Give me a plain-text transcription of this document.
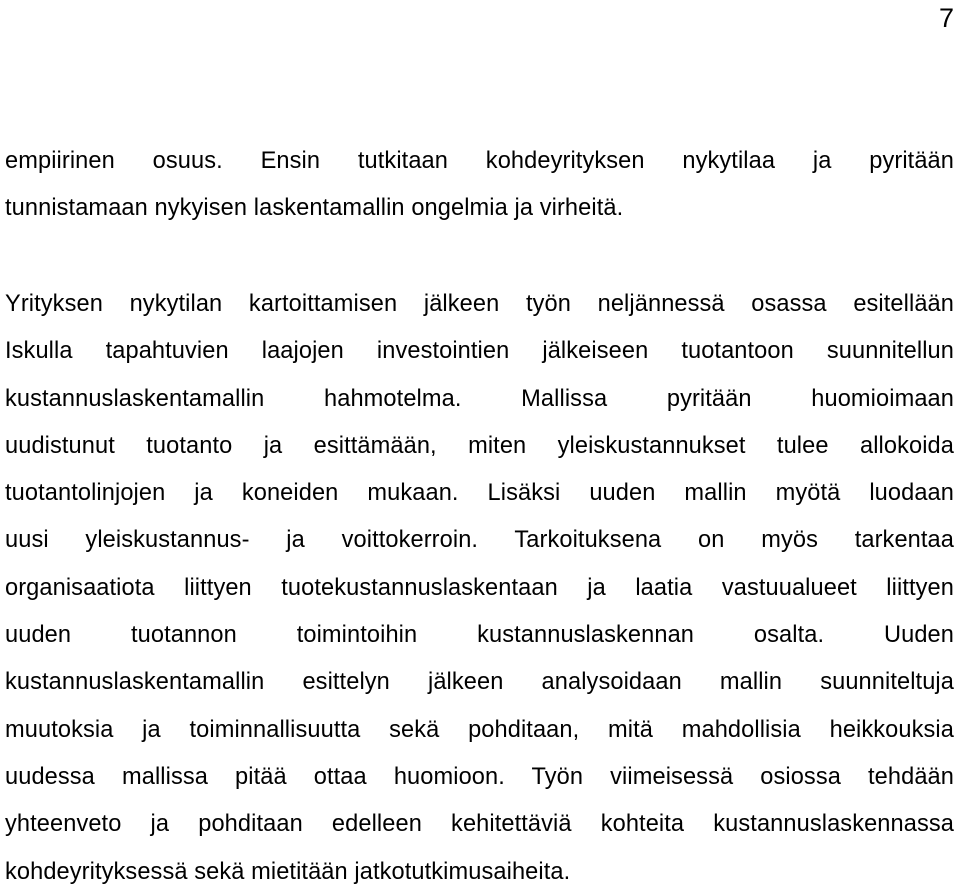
7

empiirinen osuus. Ensin tutkitaan kohdeyrityksen nykytilaa ja pyritään
tunnistamaan nykyisen laskentamallin ongelmia ja virheitä.

Yrityksen nykytilan kartoittamisen jälkeen työn neljännessä osassa esitellään
Iskulla tapahtuvien laajojen investointien jälkeiseen tuotantoon suunnitellun
kustannuslaskentamallin hahmotelma. Mallissa pyritään huomioimaan
uudistunut tuotanto ja esittämään, miten yleiskustannukset tulee allokoida
tuotantolinjojen ja koneiden mukaan. Lisäksi uuden mallin myötä luodaan
uusi yleiskustannus- ja voittokerroin. Tarkoituksena on myös tarkentaa
organisaatiota liittyen tuotekustannuslaskentaan ja laatia vastuualueet liittyen
uuden tuotannon toimintoihin kustannuslaskennan osalta. Uuden
kustannuslaskentamallin esittelyn jälkeen analysoidaan mallin suunniteltuja
muutoksia ja toiminnallisuutta sekä pohditaan, mitä mahdollisia heikkouksia
uudessa mallissa pitää ottaa huomioon. Työn viimeisessä osiossa tehdään
yhteenveto ja pohditaan edelleen kehitettäviä kohteita kustannuslaskennassa
kohdeyrityksessä sekä mietitään jatkotutkimusaiheita.
